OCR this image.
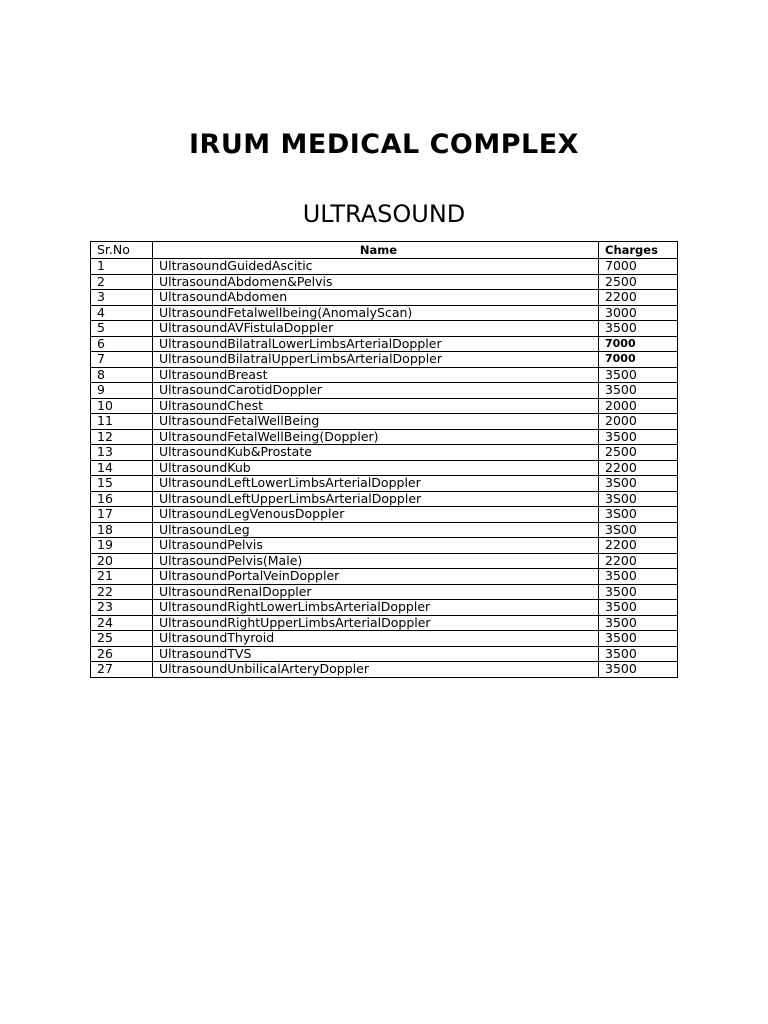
IRUM MEDICAL COMPLEX
ULTRASOUND
Sr.No	Name	Charges
1	UltrasoundGuidedAscitic	7000
2	UltrasoundAbdomen&Pelvis	2500
3	UltrasoundAbdomen	2200
4	UltrasoundFetalwellbeing(AnomalyScan)	3000
5	UltrasoundAVFistulaDoppler	3500
6	UltrasoundBilatralLowerLimbsArterialDoppler	7000
7	UltrasoundBilatralUpperLimbsArterialDoppler	7000
8	UltrasoundBreast	3500
9	UltrasoundCarotidDoppler	3500
10	UltrasoundChest	2000
11	UltrasoundFetalWellBeing	2000
12	UltrasoundFetalWellBeing(Doppler)	3500
13	UltrasoundKub&Prostate	2500
14	UltrasoundKub	2200
15	UltrasoundLeftLowerLimbsArterialDoppler	3S00
16	UltrasoundLeftUpperLimbsArterialDoppler	3S00
17	UltrasoundLegVenousDoppler	3S00
18	UltrasoundLeg	3S00
19	UltrasoundPelvis	2200
20	UltrasoundPelvis(Male)	2200
21	UltrasoundPortalVeinDoppler	3500
22	UltrasoundRenalDoppler	3500
23	UltrasoundRightLowerLimbsArterialDoppler	3500
24	UltrasoundRightUpperLimbsArterialDoppler	3500
25	UltrasoundThyroid	3500
26	UltrasoundTVS	3500
27	UltrasoundUnbilicalArteryDoppler	3500
